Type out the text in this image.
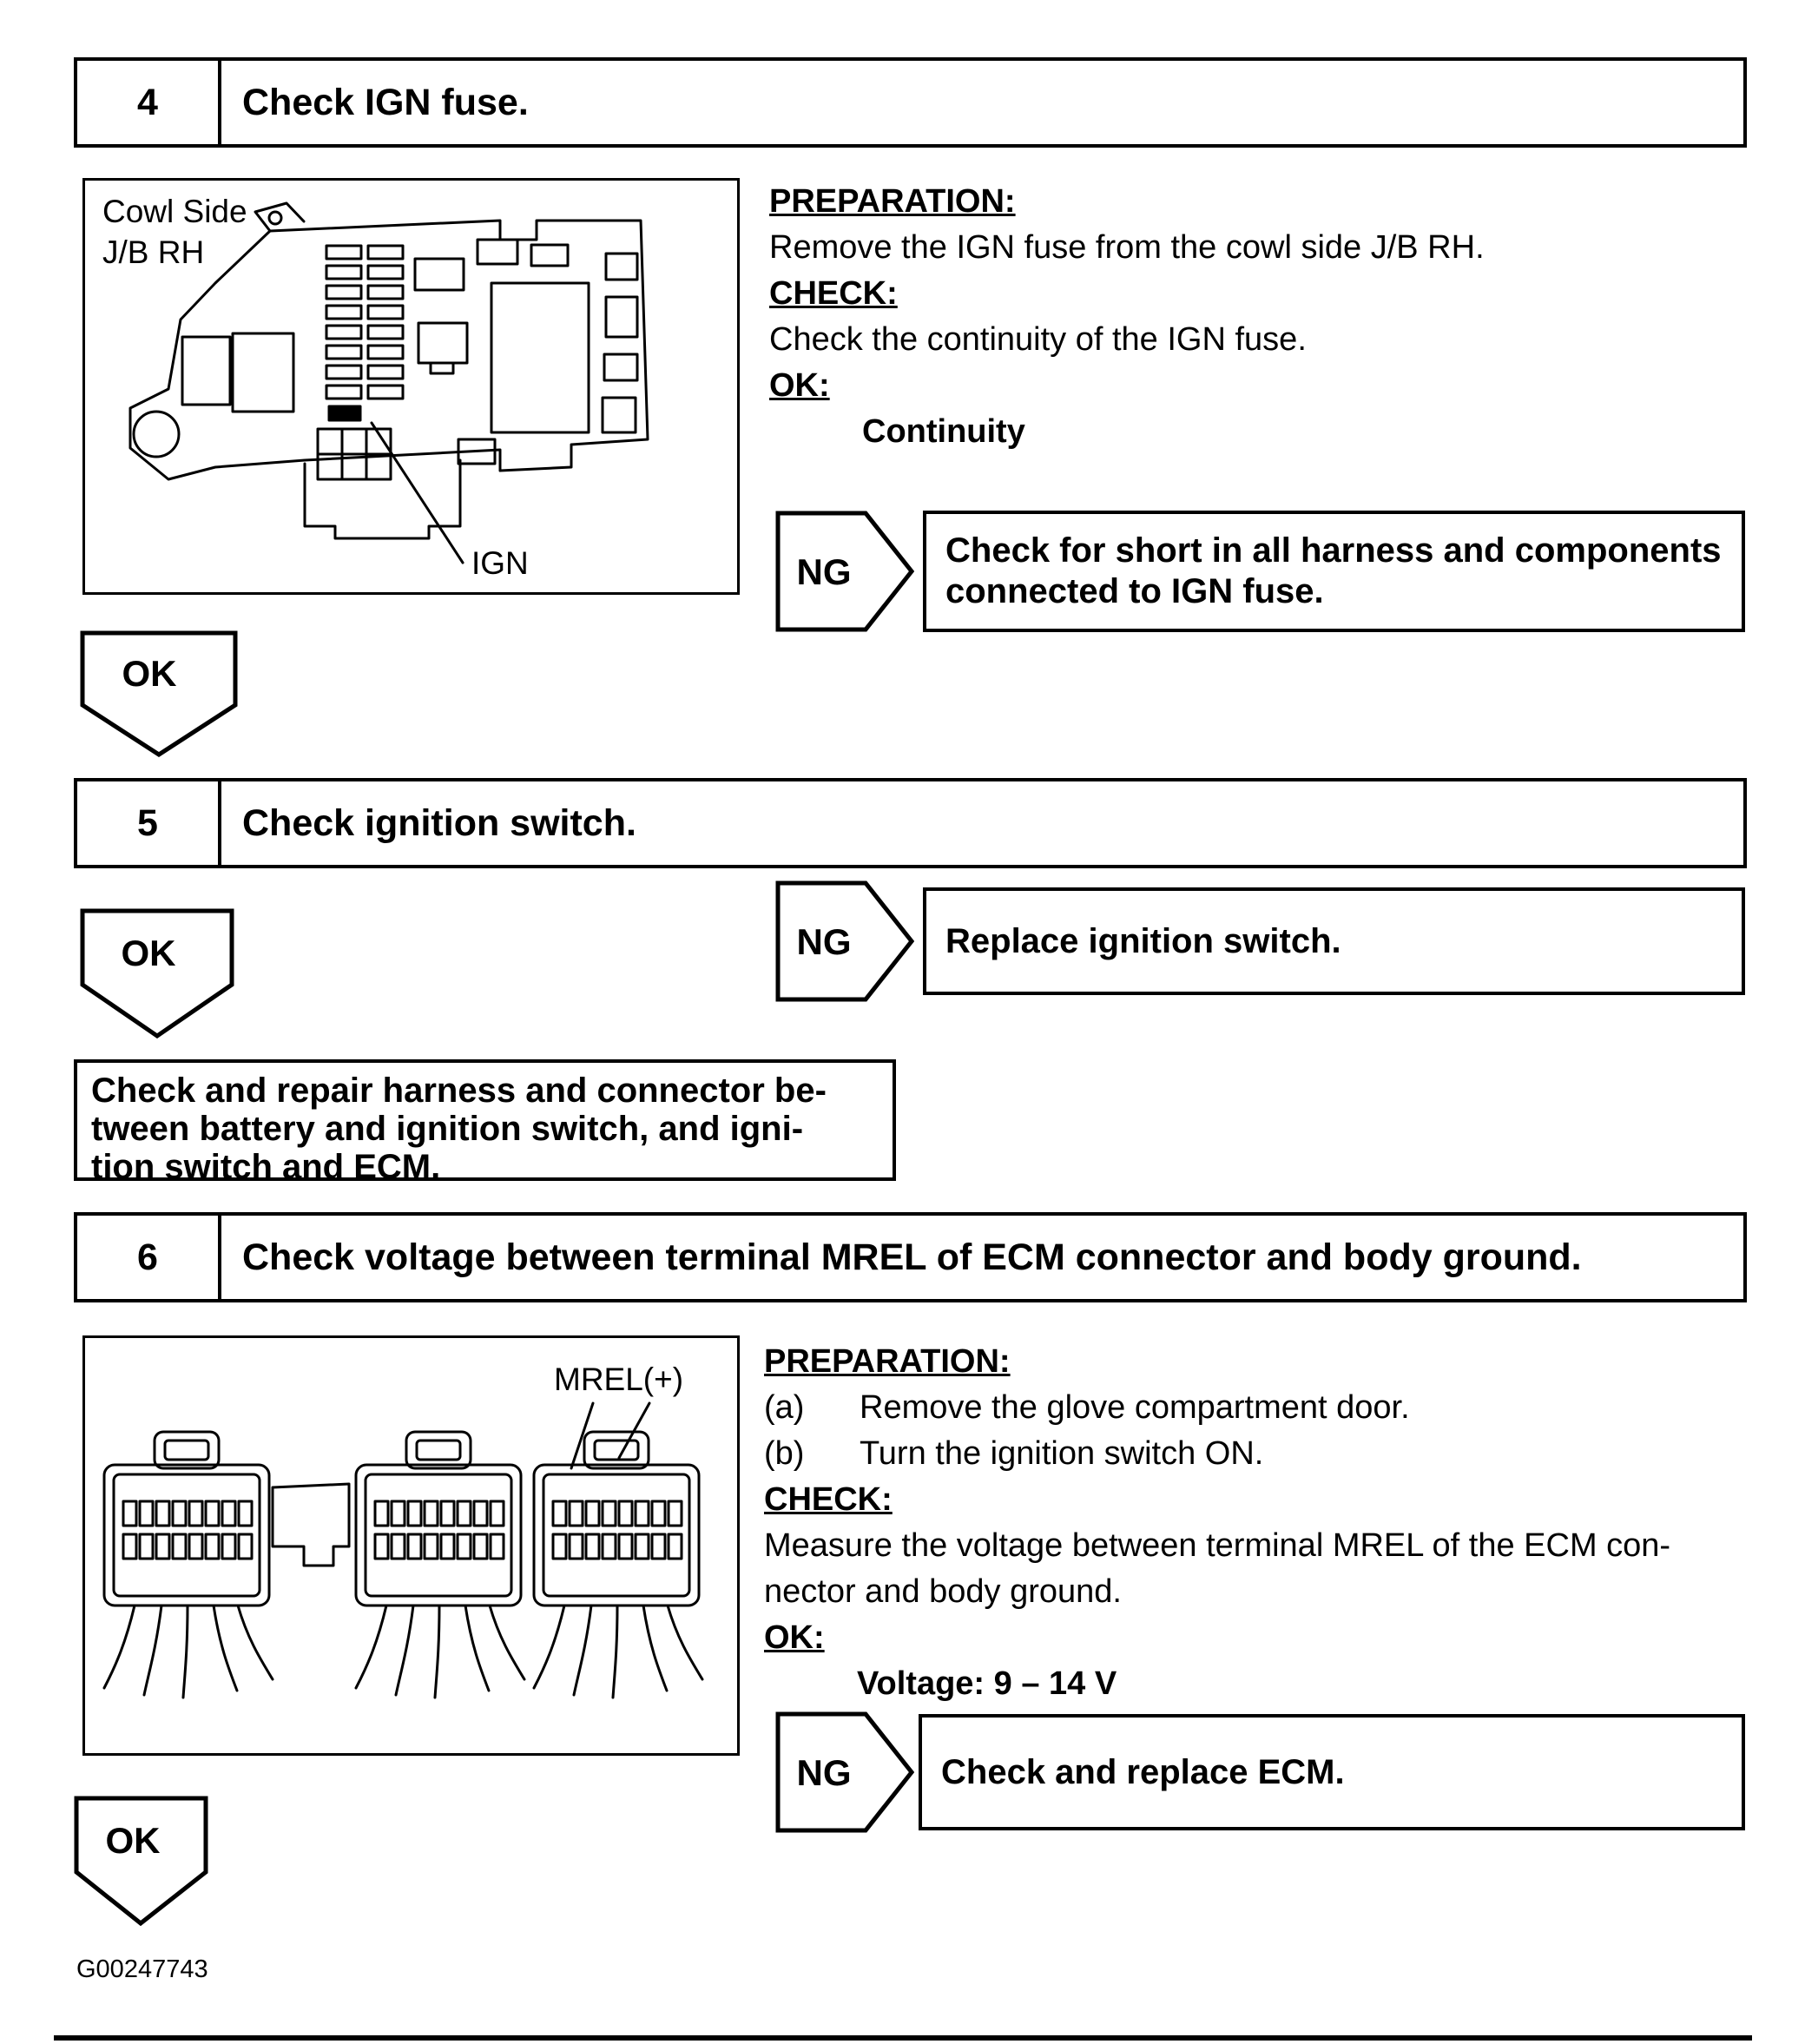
4	Check IGN fuse.
Cowl Side
J/B RH
IGN
PREPARATION:
Remove the IGN fuse from the cowl side J/B RH.
CHECK:
Check the continuity of the IGN fuse.
OK:
Continuity
NG
Check for short in all harness and components connected to IGN fuse.
OK
5	Check ignition switch.
NG	Replace ignition switch.
OK
Check and repair harness and connector be-
tween battery and ignition switch, and igni-
tion switch and ECM.
6	Check voltage between terminal MREL of ECM connector and body ground.
MREL(+) PREPARATION:
(a)	Remove the glove compartment door.
(b)	Turn the ignition switch ON.
CHECK:
Measure the voltage between terminal MREL of the ECM con-
nector and body ground.
OK:
Voltage: 9 – 14 V
NG	Check and replace ECM.
OK
G00247743
